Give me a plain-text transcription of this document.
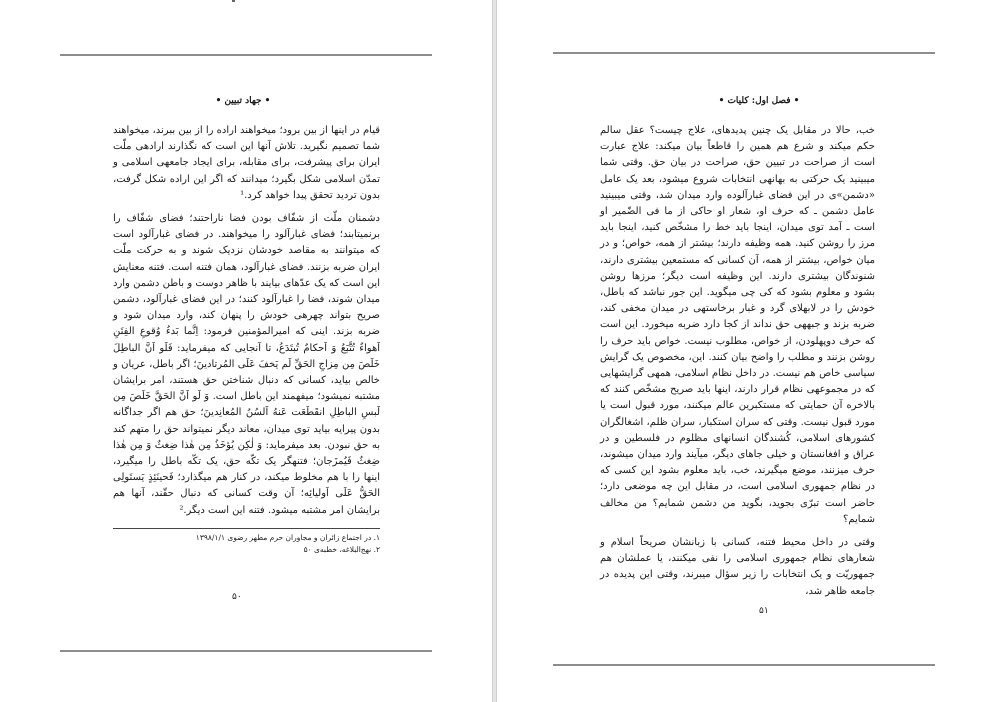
• جهاد تبیین •

قیام در اینها از بین برود؛ میخواهند اراده را از بین ببرند، میخواهند شما تصمیم نگیرید. تلاش آنها این است که نگذارند ارادهی ملّت ایران برای پیشرفت، برای مقابله، برای ایجاد جامعهی اسلامی و تمدّن اسلامی شکل بگیرد؛ میدانند که اگر این اراده شکل گرفت، بدون تردید تحقق پیدا خواهد کرد.¹

دشمنان ملّت از شفّاف بودن فضا ناراحتند؛ فضای شفّاف را برنمیتابند؛ فضای غبارآلود را میخواهند. در فضای غبارآلود است که میتوانند به مقاصد خودشان نزدیک شوند و به حرکت ملّت ایران ضربه بزنند. فضای غبارآلود، همان فتنه است. فتنه معنایش این است که یک عدّهای بیایند با ظاهر دوست و باطن دشمن وارد میدان شوند، فضا را غبارآلود کنند؛ در این فضای غبارآلود، دشمن صریح بتواند چهرهی خودش را پنهان کند، وارد میدان شود و ضربه بزند. اینی که امیرالمؤمنین فرمود: اِنَّما بَدءُ وُقوعِ الفِتَنِ اَهواءٌ تُتَّبَعُ وَ اَحکامٌ تُبتَدَعُ، تا آنجایی که میفرماید: فَلَو اَنَّ الباطِلَ خَلَصَ مِن مِزاجِ الحَقِّ لَم یَخفَ عَلَی المُرتادینَ؛ اگر باطل، عریان و خالص بیاید، کسانی که دنبال شناختن حق هستند، امر برایشان مشتبه نمیشود؛ میفهمند این باطل است. وَ لَو اَنَّ الحَقَّ خَلَصَ مِن لَبسِ الباطِلِ انقَطَعَت عَنهُ اَلسُنُ المُعانِدینَ؛ حق هم اگر جداگانه بدون پیرایه بیاید توی میدان، معاند دیگر نمیتواند حق را متهم کند به حق نبودن. بعد میفرماید: وَ لٰکِن یُؤخَذُ مِن هٰذا ضِغثٌ وَ مِن هٰذا ضِغثٌ فَیُمزَجان؛ فتنهگر یک تکّه حق، یک تکّه باطل را میگیرد، اینها را با هم مخلوط میکند، در کنار هم میگذارد؛ فَحینَئِذٍ یَستَولِی الحَقُّ عَلَی اَولیائِه؛ آن وقت کسانی که دنبال حقّند، آنها هم برایشان امر مشتبه میشود. فتنه این است دیگر.²

۱. در اجتماع زائران و مجاوران حرم مطهر رضوی ۱۳۹۸/۱/۱
۲. نهج‌البلاغه، خطبه‌ی ۵۰
۵۰
• فصل اول: کلیات •

خب، حالا در مقابل یک چنین پدیدهای، علاج چیست؟ عقل سالم حکم میکند و شرع هم همین را قاطعاً بیان میکند: علاج عبارت است از صراحت در تبیین حق، صراحت در بیان حق. وقتی شما میبینید یک حرکتی به بهانهی انتخابات شروع میشود، بعد یک عامل «دشمن»ی در این فضای غبارآلوده وارد میدان شد، وقتی میبینید عامل دشمن ـ که حرف او، شعار او حاکی از ما فی الضّمیر او است ـ آمد توی میدان، اینجا باید خط را مشخّص کنید، اینجا باید مرز را روشن کنید. همه وظیفه دارند؛ بیشتر از همه، خواص؛ و در میان خواص، بیشتر از همه، آن کسانی که مستمعین بیشتری دارند، شنوندگان بیشتری دارند. این وظیفه است دیگر؛ مرزها روشن بشود و معلوم بشود که کی چی میگوید. این جور نباشد که باطل، خودش را در لابهلای گرد و غبار برخاستهی در میدان مخفی کند، ضربه بزند و جبههی حق نداند از کجا دارد ضربه میخورد. این است که حرف دوپهلودن، از خواص، مطلوب نیست. خواص باید حرف را روشن بزنند و مطلب را واضح بیان کنند. این، مخصوص یک گرایش سیاسی خاص هم نیست. در داخل نظام اسلامی، همهی گرایشهایی که در مجموعهی نظام قرار دارند، اینها باید صریح مشخّص کنند که بالاخره آن حمایتی که مستکبرین عالم میکنند، مورد قبول است یا مورد قبول نیست. وقتی که سران استکبار، سران ظلم، اشغالگران کشورهای اسلامی، کُشندگان انسانهای مظلوم در فلسطین و در عراق و افغانستان و خیلی جاهای دیگر، میآیند وارد میدان میشوند، حرف میزنند، موضع میگیرند، خب، باید معلوم بشود این کسی که در نظام جمهوری اسلامی است، در مقابل این چه موضعی دارد؛ حاضر است تبرّی بجوید، بگوید من دشمن شمایم؟ من مخالف شمایم؟

وقتی در داخل محیط فتنه، کسانی با زبانشان صریحاً اسلام و شعارهای نظام جمهوری اسلامی را نفی میکنند، یا عملشان هم جمهوریّت و یک انتخابات را زیر سؤال میبرند، وقتی این پدیده در جامعه ظاهر شد،

۵۱
